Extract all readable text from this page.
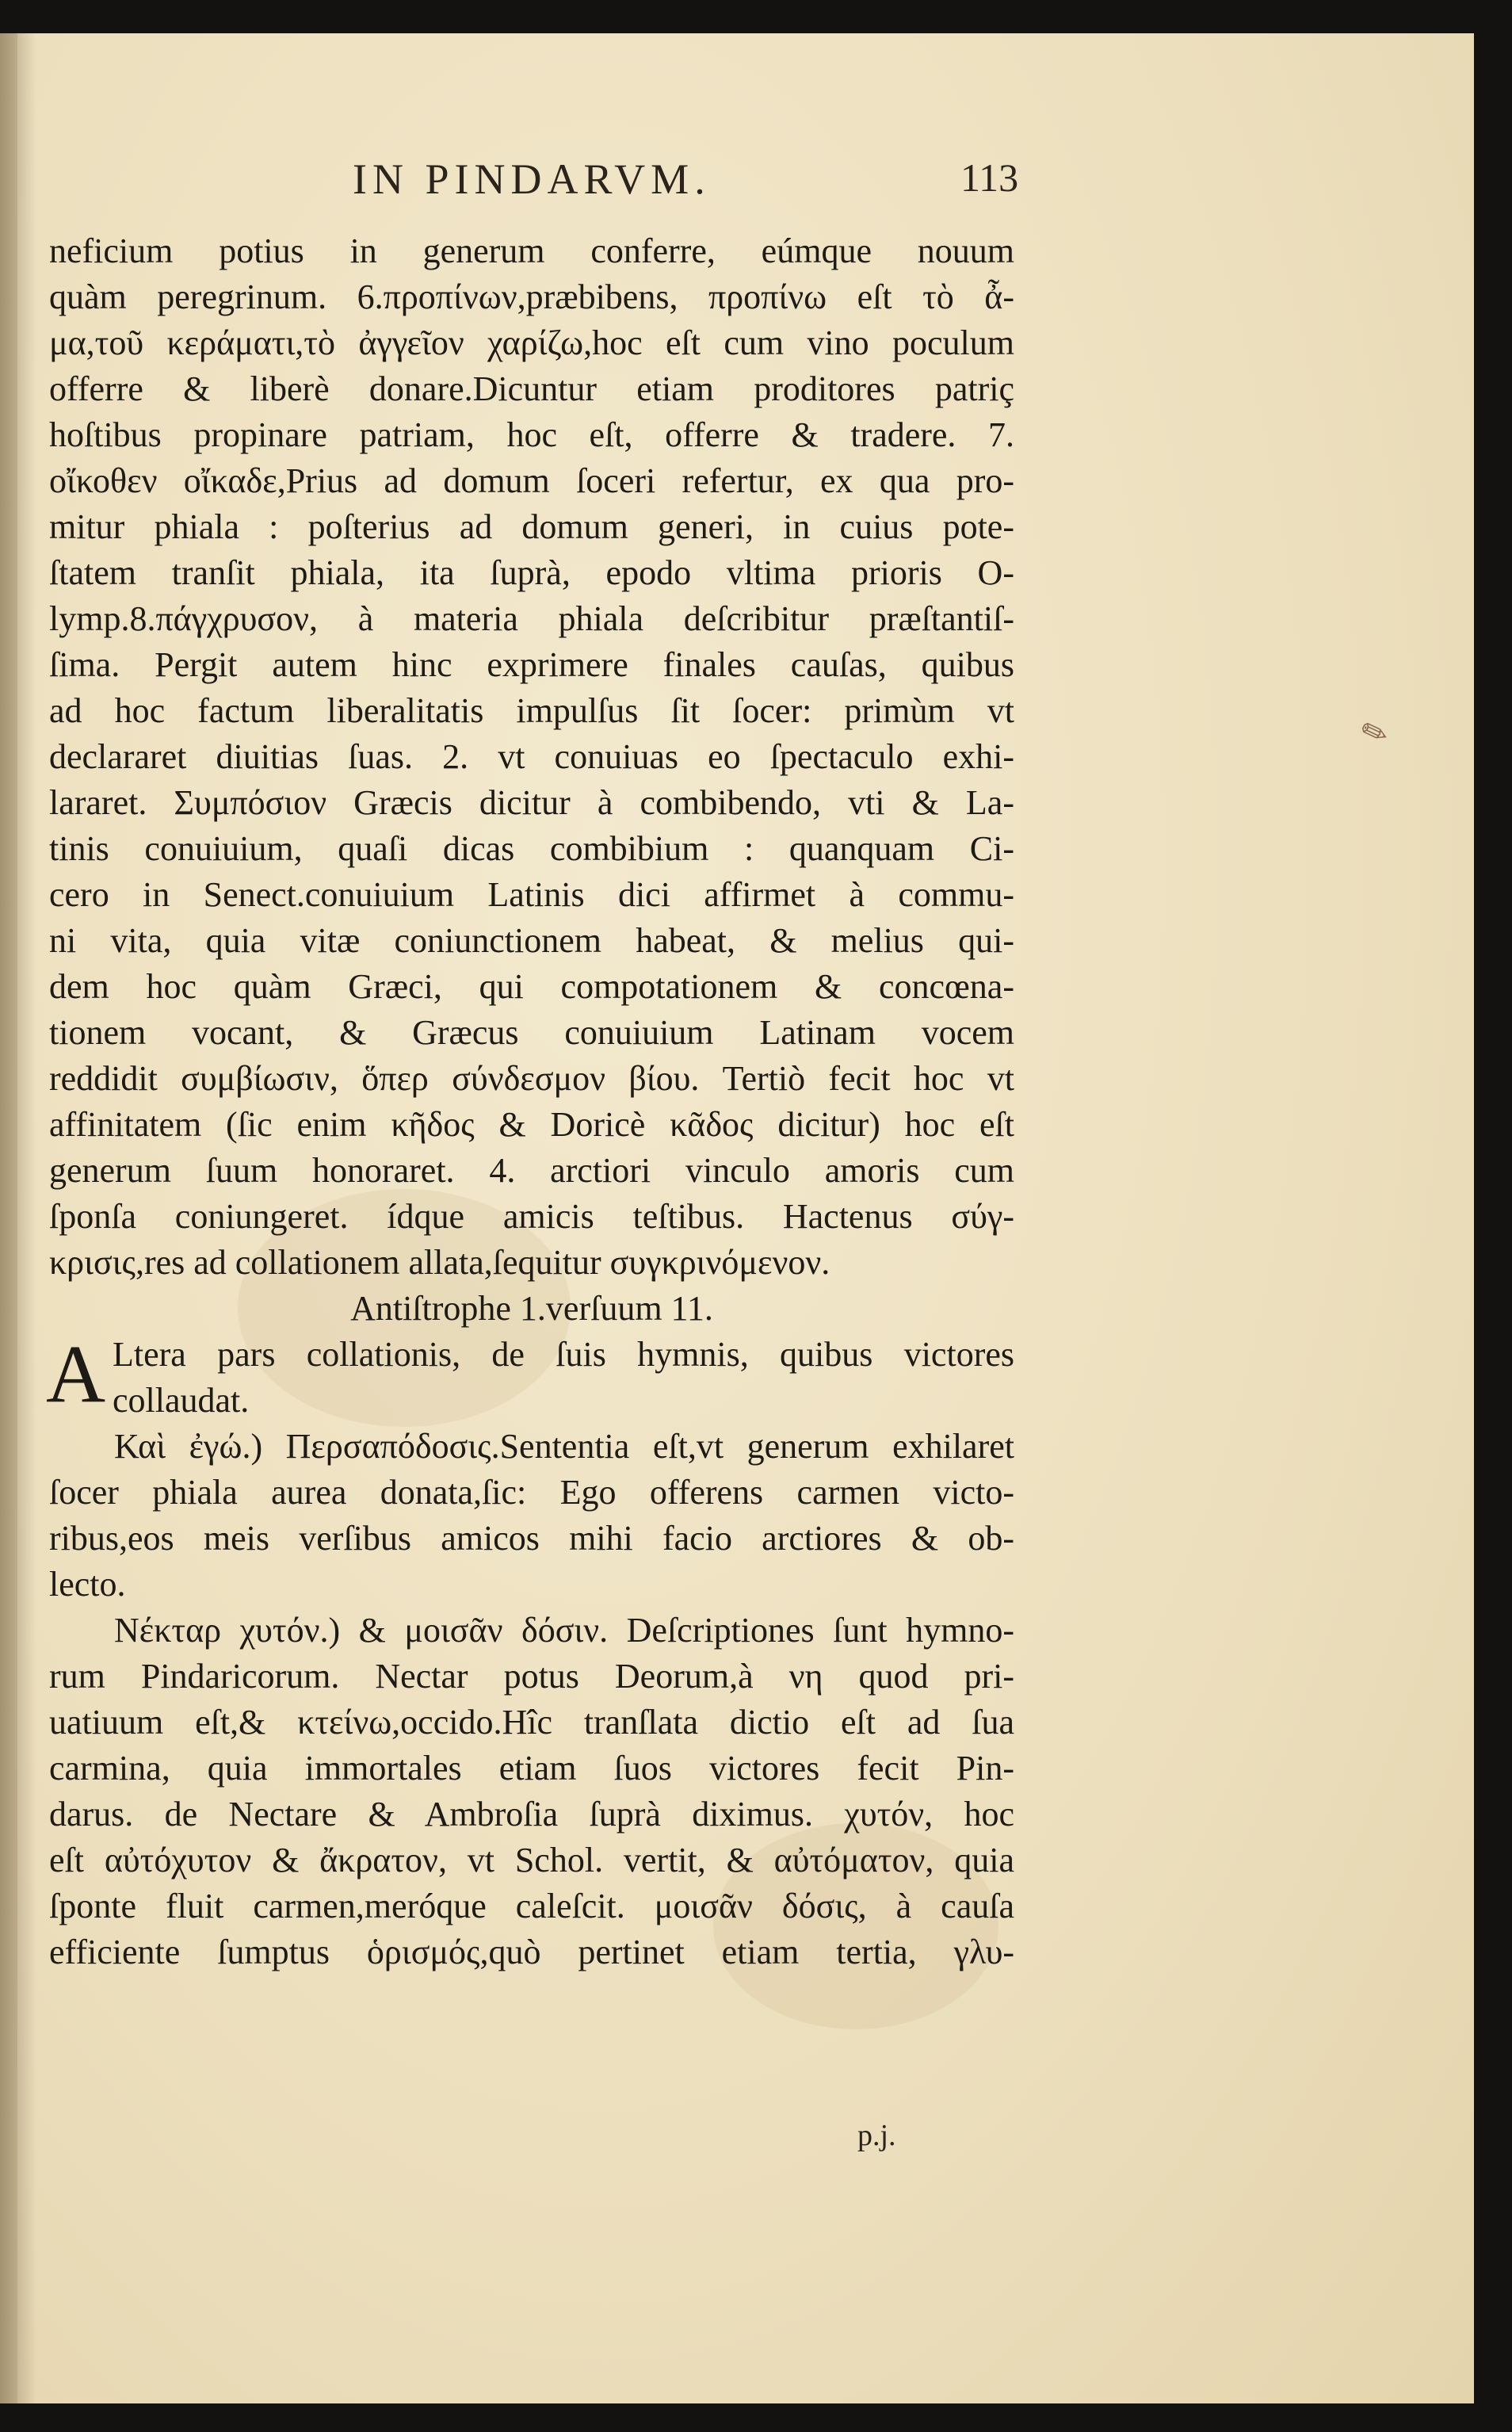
IN PINDARVM.	113
neficium potius in generum conferre, eúmque nouum
quàm peregrinum. 6.προπίνων,præbibens, προπίνω eſt τὸ ἆ-
μα,τοῦ κεράματι,τὸ ἀγγεῖον χαρίζω,hoc eſt cum vino poculum
offerre & liberè donare.Dicuntur etiam proditores patriç
hoſtibus propinare patriam, hoc eſt, offerre & tradere. 7.
οἴκοθεν οἴκαδε,Prius ad domum ſoceri refertur, ex qua pro-
mitur phiala : poſterius ad domum generi, in cuius pote-
ſtatem tranſit phiala, ita ſuprà, epodo vltima prioris O-
lymp.8.πάγχρυσον, à materia phiala deſcribitur præſtantiſ-
ſima. Pergit autem hinc exprimere finales cauſas, quibus
ad hoc factum liberalitatis impulſus ſit ſocer: primùm vt
declararet diuitias ſuas. 2. vt conuiuas eo ſpectaculo exhi-
lararet. Συμπόσιον Græcis dicitur à combibendo, vti & La-
tinis conuiuium, quaſi dicas combibium : quanquam Ci-
cero in Senect.conuiuium Latinis dici affirmet à commu-
ni vita, quia vitæ coniunctionem habeat, & melius qui-
dem hoc quàm Græci, qui compotationem & concœna-
tionem vocant, & Græcus conuiuium Latinam vocem
reddidit συμβίωσιν, ὅπερ σύνδεσμον βίου. Tertiò fecit hoc vt
affinitatem (ſic enim κῆδος & Doricè κᾶδος dicitur) hoc eſt
generum ſuum honoraret. 4. arctiori vinculo amoris cum
ſponſa coniungeret. ídque amicis teſtibus. Hactenus σύγ-
κρισις,res ad collationem allata,ſequitur συγκρινόμενον.
Antiſtrophe 1.verſuum 11.
A Ltera pars collationis, de ſuis hymnis, quibus victores
collaudat.
Καὶ ἐγώ.) Περσαπόδοσις.Sententia eſt,vt generum exhilaret
ſocer phiala aurea donata,ſic: Ego offerens carmen victo-
ribus,eos meis verſibus amicos mihi facio arctiores & ob-
lecto.
Νέκταρ χυτόν.) & μοισᾶν δόσιν. Deſcriptiones ſunt hymno-
rum Pindaricorum. Nectar potus Deorum,à νη quod pri-
uatiuum eſt,& κτείνω,occido.Hîc tranſlata dictio eſt ad ſua
carmina, quia immortales etiam ſuos victores fecit Pin-
darus. de Nectare & Ambroſia ſuprà diximus. χυτόν, hoc
eſt αὐτόχυτον & ἄκρατον, vt Schol. vertit, & αὐτόματον, quia
ſponte fluit carmen,meróque caleſcit. μοισᾶν δόσις, à cauſa
efficiente ſumptus ὁρισμός,quò pertinet etiam tertia, γλυ-
p.j.
✎
